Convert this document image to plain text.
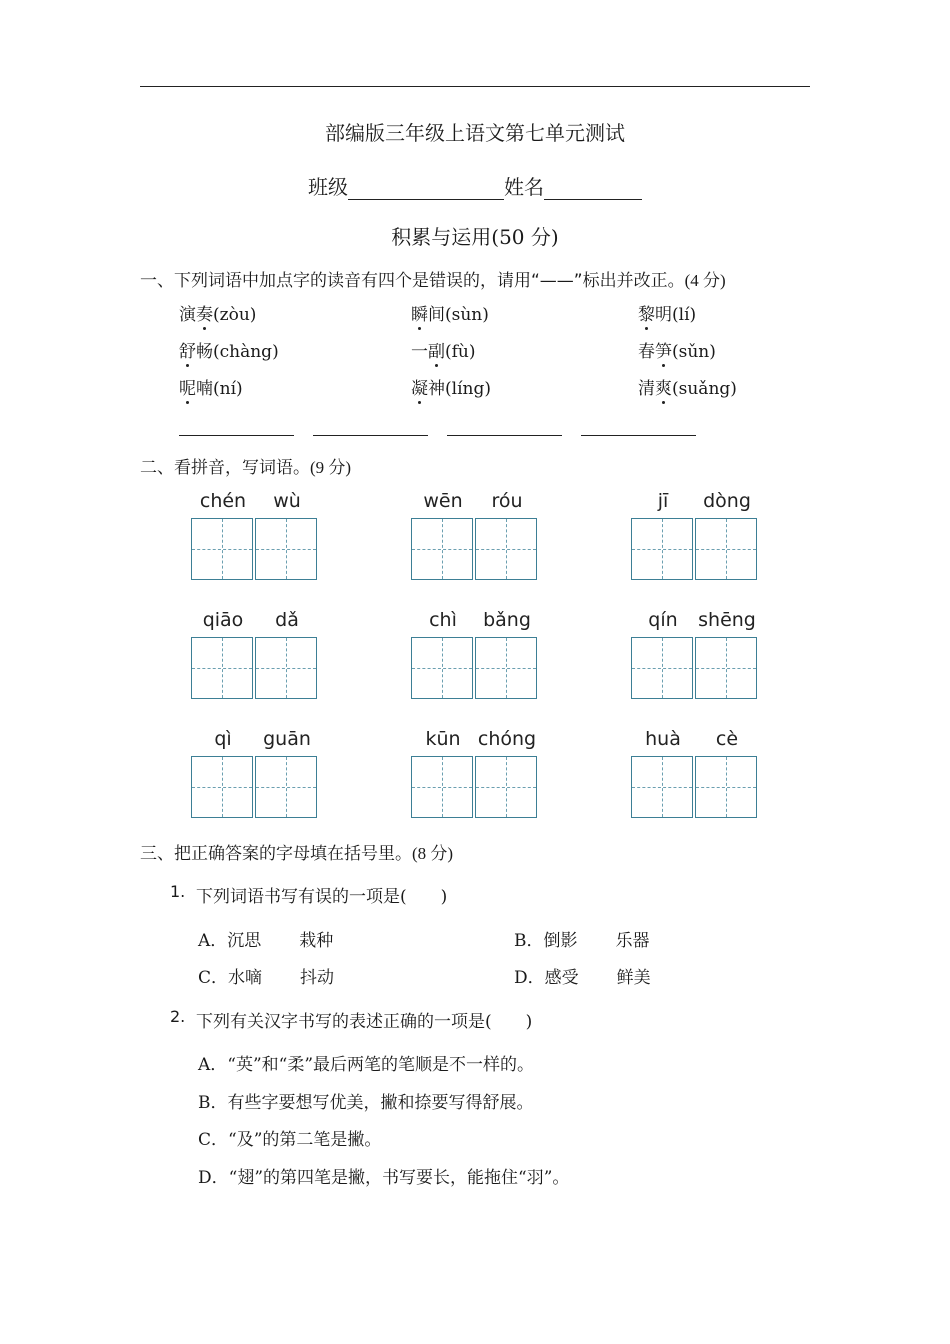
部编版三年级上语文第七单元测试
班级	姓名
积累与运用(50 分)
一、下列词语中加点字的读音有四个是错误的，请用“——”标出并改正。(4 分)
演奏(zòu)	瞬间(sùn)	黎明(lí)
舒畅(chàng)	一副(fù)	春笋(sǔn)
呢喃(ní)	凝神(líng)	清爽(suǎng)
二、看拼音，写词语。(9 分)
chén	wù	wēn	róu	jī	dòng
qiāo	dǎ	chì	bǎng	qín	shēng
qì	guān	kūn chóng	huà	cè
三、把正确答案的字母填在括号里。(8 分)
1. 下列词语书写有误的一项是(　　)
A．沉思 栽种	B．倒影 乐器
C．水嘀 抖动	D．感受 鲜美
2. 下列有关汉字书写的表述正确的一项是(　　)
A．“英”和“柔”最后两笔的笔顺是不一样的。
B．有些字要想写优美，撇和捺要写得舒展。
C．“及”的第二笔是撇。
D．“翅”的第四笔是撇，书写要长，能拖住“羽”。
